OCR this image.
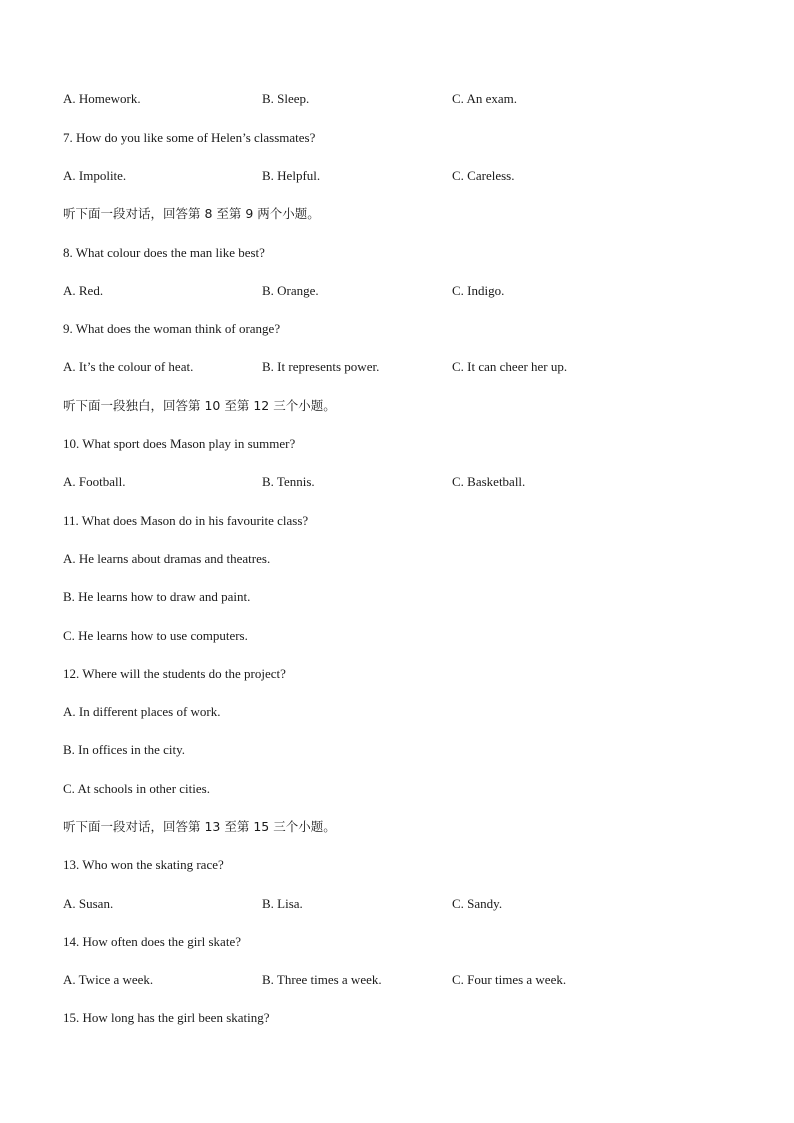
A. Homework.	B. Sleep.	C. An exam.
7. How do you like some of Helen’s classmates?
A. Impolite.	B. Helpful.	C. Careless.
听下面一段对话，回答第 8 至第 9 两个小题。
8. What colour does the man like best?
A. Red.	B. Orange.	C. Indigo.
9. What does the woman think of orange?
A. It’s the colour of heat.	B. It represents power.	C. It can cheer her up.
听下面一段独白，回答第 10 至第 12 三个小题。
10. What sport does Mason play in summer?
A. Football.	B. Tennis.	C. Basketball.
11. What does Mason do in his favourite class?
A. He learns about dramas and theatres.
B. He learns how to draw and paint.
C. He learns how to use computers.
12. Where will the students do the project?
A. In different places of work.
B. In offices in the city.
C. At schools in other cities.
听下面一段对话，回答第 13 至第 15 三个小题。
13. Who won the skating race?
A. Susan.	B. Lisa.	C. Sandy.
14. How often does the girl skate?
A. Twice a week.	B. Three times a week.	C. Four times a week.
15. How long has the girl been skating?
